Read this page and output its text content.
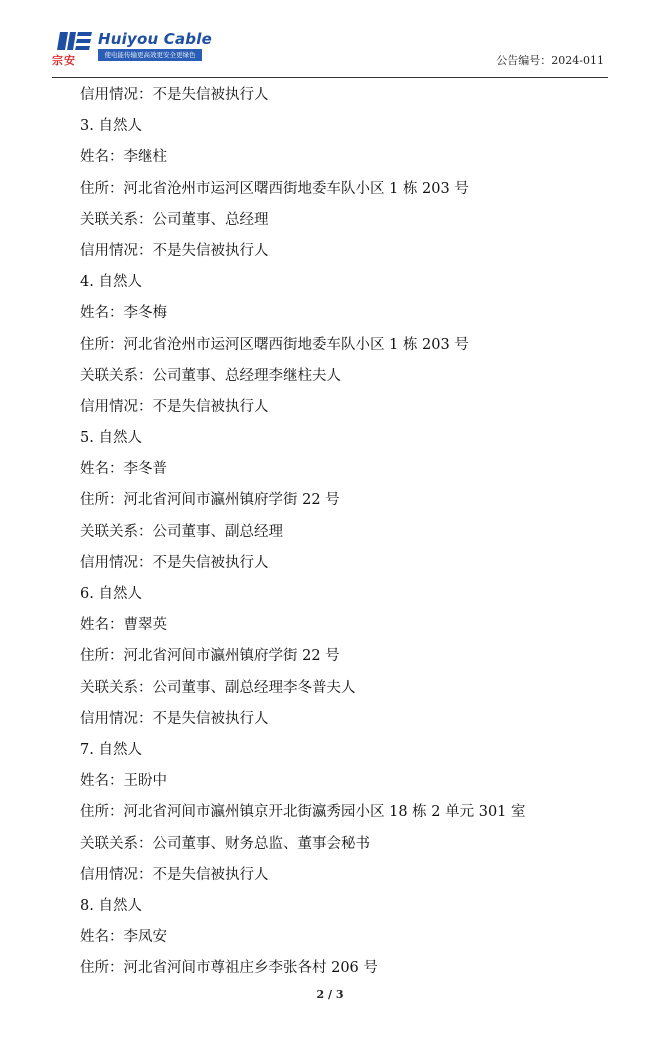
宗安
Huiyou Cable
使电能传输更高效更安全更绿色	公告编号：2024-011
信用情况：不是失信被执行人
3. 自然人
姓名：李继柱
住所：河北省沧州市运河区曙西街地委车队小区 1 栋 203 号
关联关系：公司董事、总经理
信用情况：不是失信被执行人
4. 自然人
姓名：李冬梅
住所：河北省沧州市运河区曙西街地委车队小区 1 栋 203 号
关联关系：公司董事、总经理李继柱夫人
信用情况：不是失信被执行人
5. 自然人
姓名：李冬普
住所：河北省河间市瀛州镇府学街 22 号
关联关系：公司董事、副总经理
信用情况：不是失信被执行人
6. 自然人
姓名：曹翠英
住所：河北省河间市瀛州镇府学街 22 号
关联关系：公司董事、副总经理李冬普夫人
信用情况：不是失信被执行人
7. 自然人
姓名：王盼中
住所：河北省河间市瀛州镇京开北街瀛秀园小区 18 栋 2 单元 301 室
关联关系：公司董事、财务总监、董事会秘书
信用情况：不是失信被执行人
8. 自然人
姓名：李凤安
住所：河北省河间市尊祖庄乡李张各村 206 号
2 / 3
